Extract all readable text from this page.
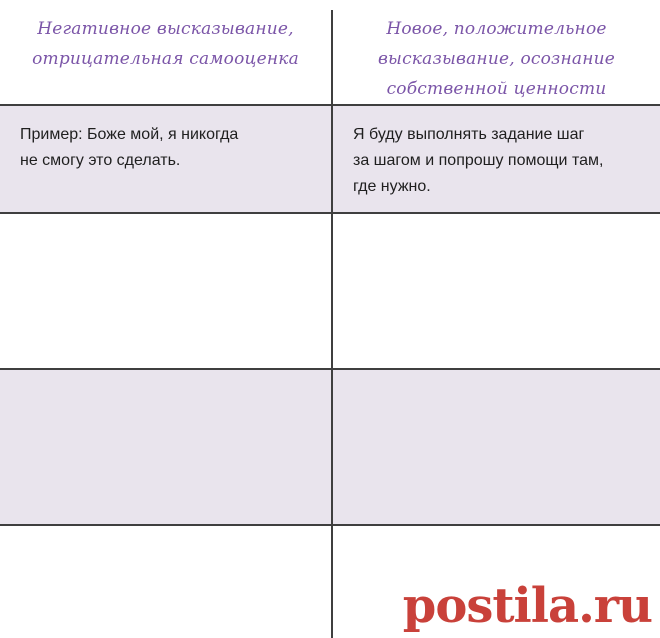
Пример: Боже мой, я никогда
не смогу это сделать.
Я буду выполнять задание шаг
за шагом и попрошу помощи там,
где нужно.
Негативное высказывание,
отрицательная самооценка
Новое, положительное
высказывание, осознание
собственной ценности
postila.ru
